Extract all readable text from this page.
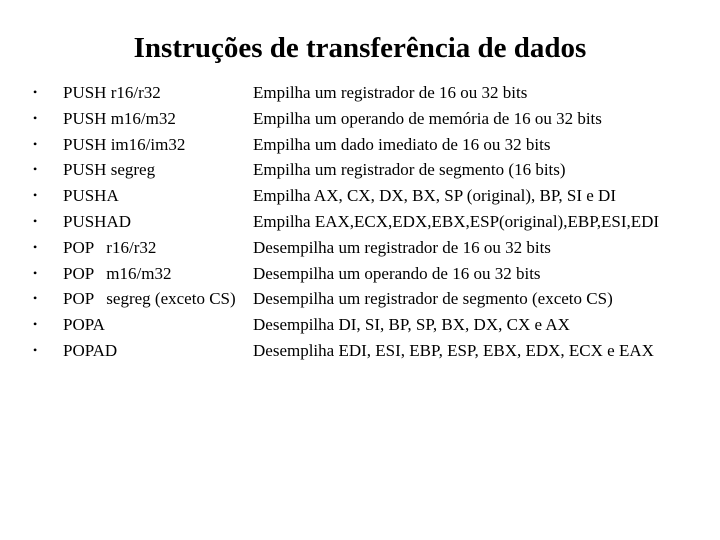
Instruções de transferência de dados
• PUSH r16/r32	Empilha um registrador de 16 ou 32 bits
• PUSH m16/m32	Empilha um operando de memória de 16 ou 32 bits
• PUSH im16/im32	Empilha um dado imediato de 16 ou 32 bits
• PUSH segreg	Empilha um registrador de segmento (16 bits)
• PUSHA	Empilha AX, CX, DX, BX, SP (original), BP, SI e DI
• PUSHAD	Empilha EAX,ECX,EDX,EBX,ESP(original),EBP,ESI,EDI
• POP   r16/r32	Desempilha um registrador de 16 ou 32 bits
• POP   m16/m32	Desempilha um operando de 16 ou 32 bits
• POP   segreg (exceto CS) Desempilha um registrador de segmento (exceto CS)
• POPA	Desempilha DI, SI, BP, SP, BX, DX, CX e AX
• POPAD	Desempliha EDI, ESI, EBP, ESP, EBX, EDX, ECX e EAX
